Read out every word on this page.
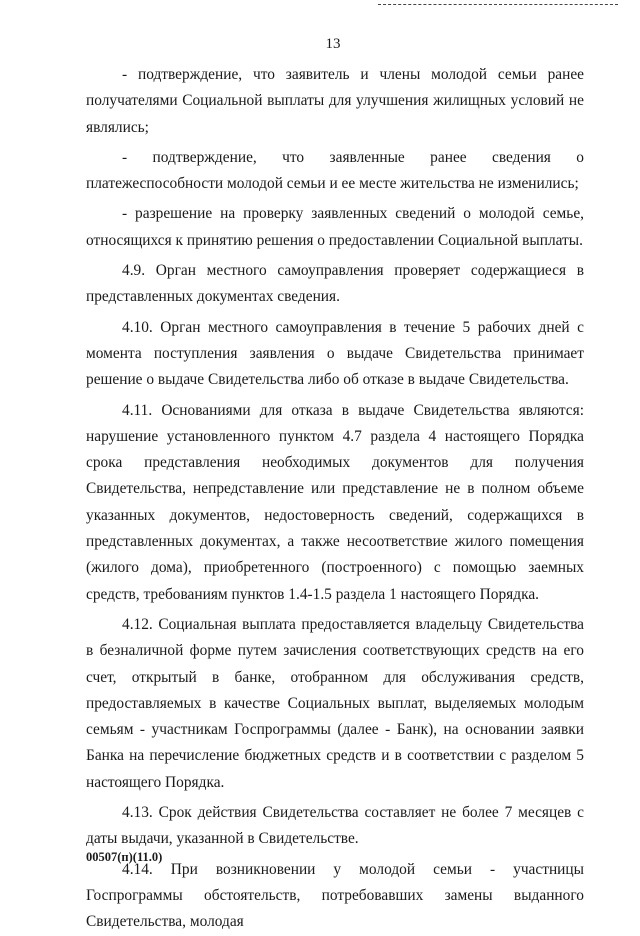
13

- подтверждение, что заявитель и члены молодой семьи ранее получателями Социальной выплаты для улучшения жилищных условий не являлись;

- подтверждение, что заявленные ранее сведения о платежеспособности молодой семьи и ее месте жительства не изменились;

- разрешение на проверку заявленных сведений о молодой семье, относящихся к принятию решения о предоставлении Социальной выплаты.

4.9. Орган местного самоуправления проверяет содержащиеся в представленных документах сведения.

4.10. Орган местного самоуправления в течение 5 рабочих дней с момента поступления заявления о выдаче Свидетельства принимает решение о выдаче Свидетельства либо об отказе в выдаче Свидетельства.

4.11. Основаниями для отказа в выдаче Свидетельства являются: нарушение установленного пунктом 4.7 раздела 4 настоящего Порядка срока представления необходимых документов для получения Свидетельства, непредставление или представление не в полном объеме указанных документов, недостоверность сведений, содержащихся в представленных документах, а также несоответствие жилого помещения (жилого дома), приобретенного (построенного) с помощью заемных средств, требованиям пунктов 1.4-1.5 раздела 1 настоящего Порядка.

4.12. Социальная выплата предоставляется владельцу Свидетельства в безналичной форме путем зачисления соответствующих средств на его счет, открытый в банке, отобранном для обслуживания средств, предоставляемых в качестве Социальных выплат, выделяемых молодым семьям - участникам Госпрограммы (далее - Банк), на основании заявки Банка на перечисление бюджетных средств и в соответствии с разделом 5 настоящего Порядка.

4.13. Срок действия Свидетельства составляет не более 7 месяцев с даты выдачи, указанной в Свидетельстве.

4.14. При возникновении у молодой семьи - участницы Госпрограммы обстоятельств, потребовавших замены выданного Свидетельства, молодая

00507(п)(11.0)
